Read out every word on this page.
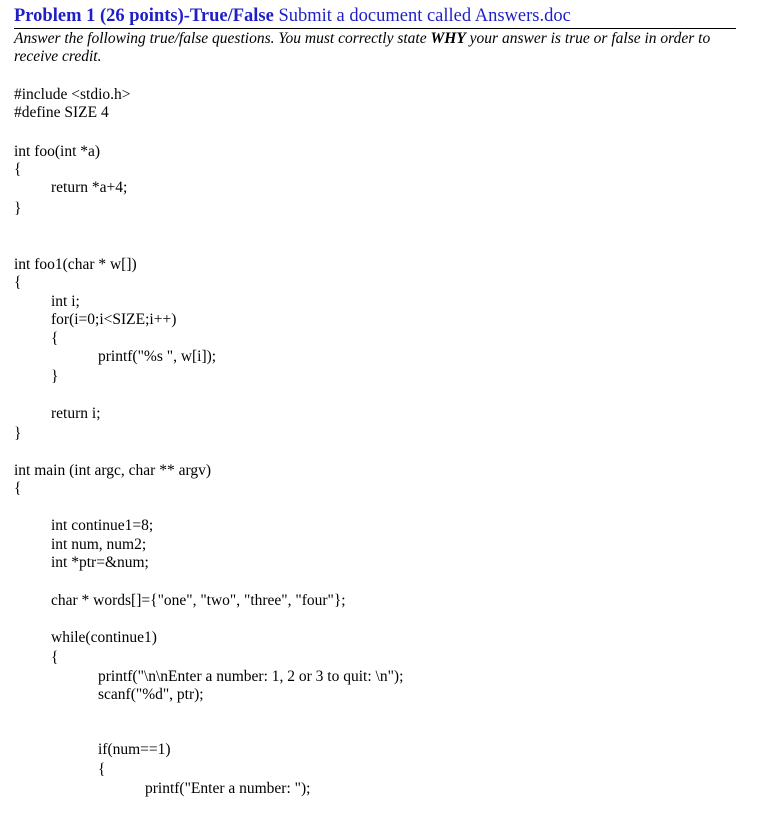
Problem 1 (26 points)-True/False Submit a document called Answers.doc
Answer the following true/false questions. You must correctly state WHY your answer is true or false in order to receive credit.
#include <stdio.h>
#define SIZE 4
int foo(int *a)
{
return *a+4;
}
int foo1(char * w[])
{
int i;
for(i=0;i<SIZE;i++)
{
printf("%s ", w[i]);
}
return i;
}
int main (int argc, char ** argv)
{
int continue1=8;
int num, num2;
int *ptr=&num;
char * words[]={"one", "two", "three", "four"};
while(continue1)
{
printf("\n\nEnter a number: 1, 2 or 3 to quit: \n");
scanf("%d", ptr);
if(num==1)
{
printf("Enter a number: ");
